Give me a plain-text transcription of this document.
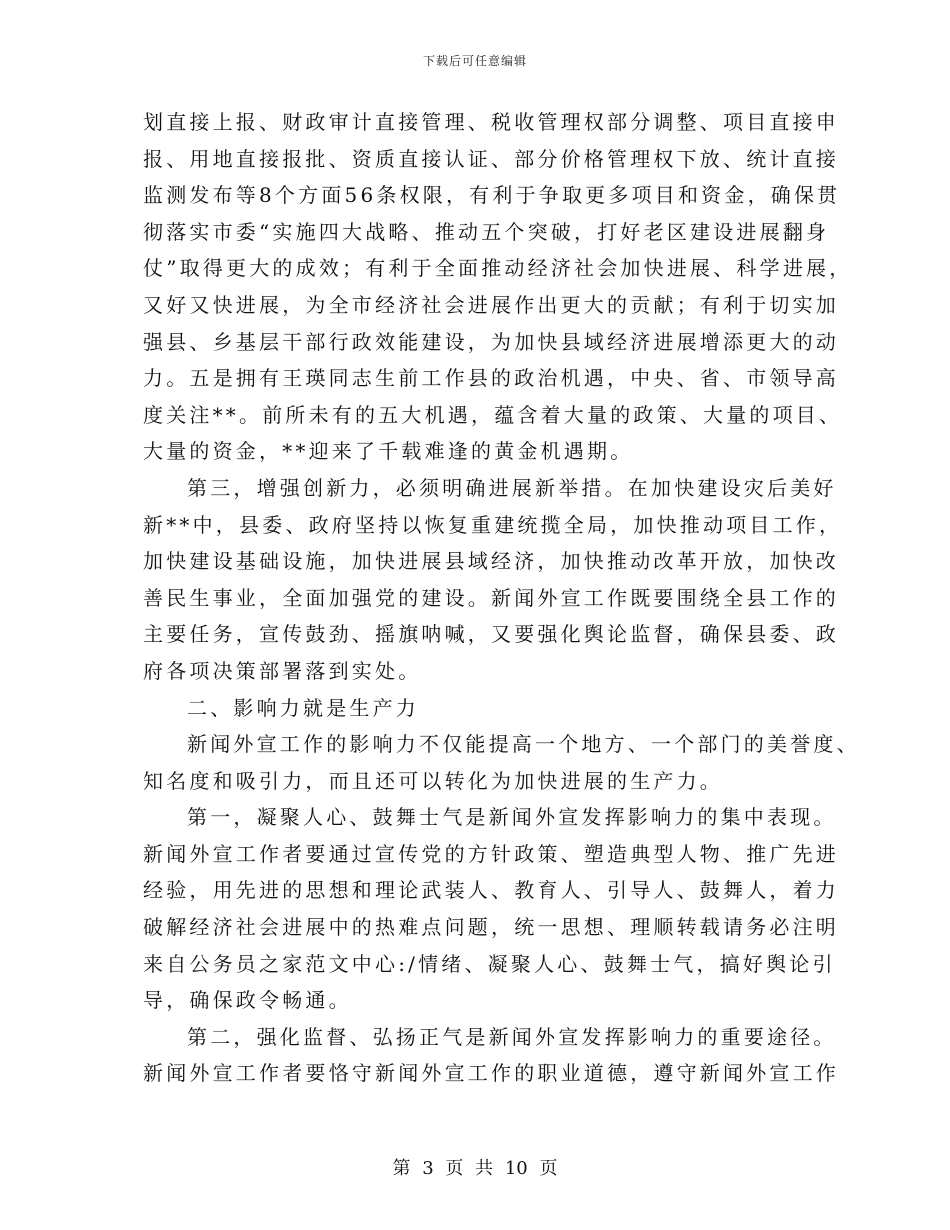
下载后可任意编辑
划直接上报、财政审计直接管理、税收管理权部分调整、项目直接申
报、用地直接报批、资质直接认证、部分价格管理权下放、统计直接
监测发布等8个方面56条权限，有利于争取更多项目和资金，确保贯
彻落实市委“实施四大战略、推动五个突破，打好老区建设进展翻身
仗”取得更大的成效；有利于全面推动经济社会加快进展、科学进展，
又好又快进展，为全市经济社会进展作出更大的贡献；有利于切实加
强县、乡基层干部行政效能建设，为加快县域经济进展增添更大的动
力。五是拥有王瑛同志生前工作县的政治机遇，中央、省、市领导高
度关注**。前所未有的五大机遇，蕴含着大量的政策、大量的项目、
大量的资金，**迎来了千载难逢的黄金机遇期。
第三，增强创新力，必须明确进展新举措。在加快建设灾后美好
新**中，县委、政府坚持以恢复重建统揽全局，加快推动项目工作，
加快建设基础设施，加快进展县域经济，加快推动改革开放，加快改
善民生事业，全面加强党的建设。新闻外宣工作既要围绕全县工作的
主要任务，宣传鼓劲、摇旗呐喊，又要强化舆论监督，确保县委、政
府各项决策部署落到实处。
二、影响力就是生产力
新闻外宣工作的影响力不仅能提高一个地方、一个部门的美誉度、
知名度和吸引力，而且还可以转化为加快进展的生产力。
第一，凝聚人心、鼓舞士气是新闻外宣发挥影响力的集中表现。
新闻外宣工作者要通过宣传党的方针政策、塑造典型人物、推广先进
经验，用先进的思想和理论武装人、教育人、引导人、鼓舞人，着力
破解经济社会进展中的热难点问题，统一思想、理顺转载请务必注明
来自公务员之家范文中心:/情绪、凝聚人心、鼓舞士气，搞好舆论引
导，确保政令畅通。
第二，强化监督、弘扬正气是新闻外宣发挥影响力的重要途径。
新闻外宣工作者要恪守新闻外宣工作的职业道德，遵守新闻外宣工作
第 3 页 共 10 页
